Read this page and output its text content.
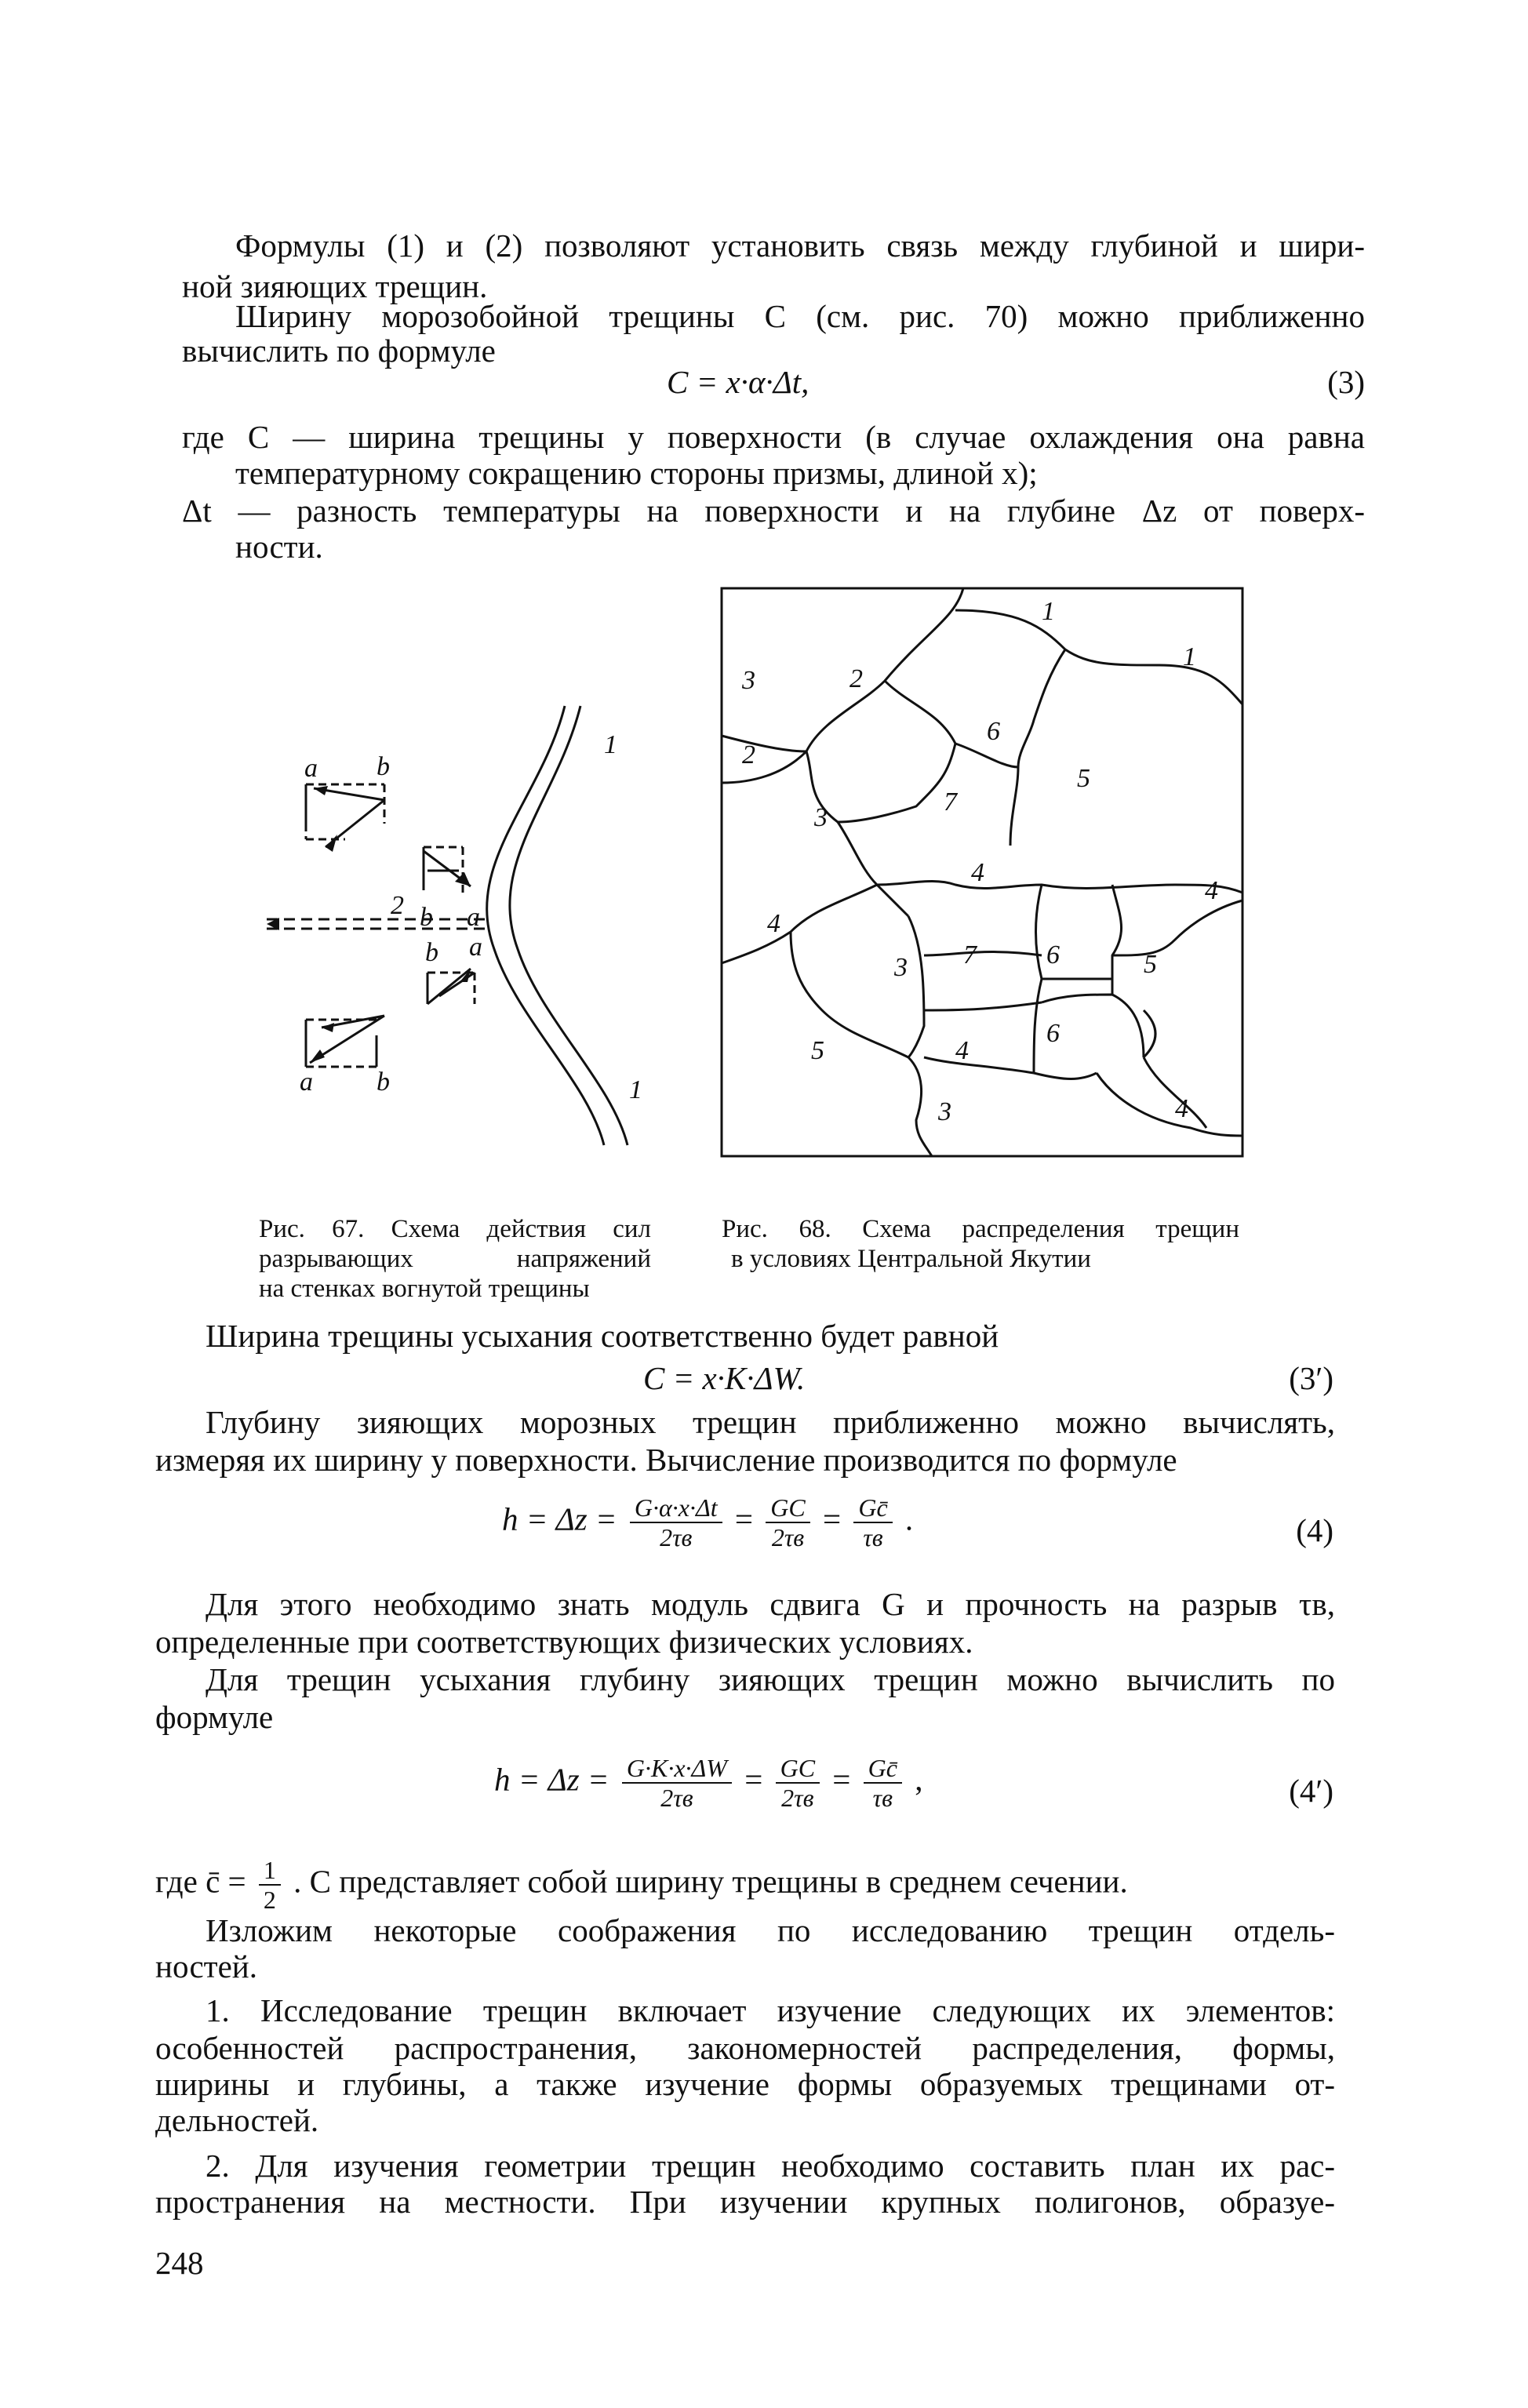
Формулы (1) и (2) позволяют установить связь между глубиной и шири-
ной зияющих трещин.
Ширину морозобойной трещины C (см. рис. 70) можно приближенно
вычислить по формуле
C = x·α·Δt,	(3)
где C — ширина трещины у поверхности (в случае охлаждения она равна
температурному сокращению стороны призмы, длиной x);
Δt — разность температуры на поверхности и на глубине Δz от поверх-
ности.
a b
1
2 b a
b a
a b	1
1
1
3	2
2
6
5
3
7
4
4
4
7	6
3	5
5
6
4
4
3
Рис. 67. Схема действия сил
разрывающих напряжений
на стенках вогнутой трещины
Рис. 68. Схема распределения трещин
в условиях Центральной Якутии
Ширина трещины усыхания соответственно будет равной
C = x·K·ΔW.	(3′)
Глубину зияющих морозных трещин приближенно можно вычислять,
измеряя их ширину у поверхности. Вычисление производится по формуле
$h = \Delta z = \frac{G\cdot\alpha\cdot x\cdot\Delta t}{2\tau в} = \frac{GC}{2\tau в} = \frac{Gc̄}{\tau в}$ .	(4)
Для этого необходимо знать модуль сдвига G и прочность на разрыв τв,
определенные при соответствующих физических условиях.
Для трещин усыхания глубину зияющих трещин можно вычислить по
формуле
$h = \Delta z = \frac{G\cdot K\cdot x\cdot\Delta W}{2\tau в} = \frac{GC}{2\tau в} = \frac{Gc̄}{\tau в}$ ,	(4′)
где c̄ = $\frac{1}{2}$ . C представляет собой ширину трещины в среднем сечении.
Изложим некоторые соображения по исследованию трещин отдель-
ностей.
1. Исследование трещин включает изучение следующих их элементов:
особенностей распространения, закономерностей распределения, формы,
ширины и глубины, а также изучение формы образуемых трещинами от-
дельностей.
2. Для изучения геометрии трещин необходимо составить план их рас-
пространения на местности. При изучении крупных полигонов, образуе-
248
